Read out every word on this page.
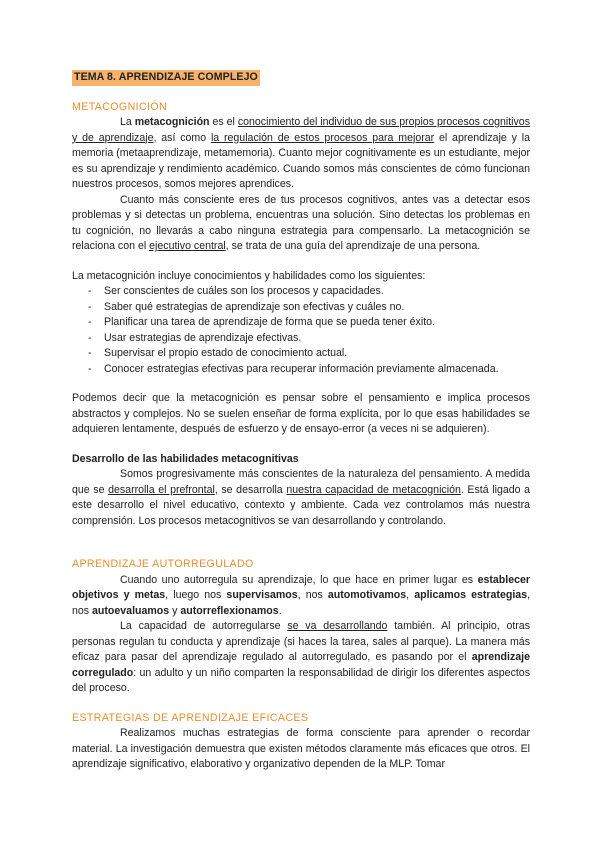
TEMA 8. APRENDIZAJE COMPLEJO
METACOGNICIÓN

La metacognición es el conocimiento del individuo de sus propios procesos cognitivos y de aprendizaje, así como la regulación de estos procesos para mejorar el aprendizaje y la memoria (metaaprendizaje, metamemoria). Cuanto mejor cognitivamente es un estudiante, mejor es su aprendizaje y rendimiento académico. Cuando somos más conscientes de cómo funcionan nuestros procesos, somos mejores aprendices.

Cuanto más consciente eres de tus procesos cognitivos, antes vas a detectar esos problemas y si detectas un problema, encuentras una solución. Sino detectas los problemas en tu cognición, no llevarás a cabo ninguna estrategia para compensarlo. La metacognición se relaciona con el ejecutivo central, se trata de una guía del aprendizaje de una persona.

La metacognición incluye conocimientos y habilidades como los siguientes:

- Ser conscientes de cuáles son los procesos y capacidades.
- Saber qué estrategias de aprendizaje son efectivas y cuáles no.
- Planificar una tarea de aprendizaje de forma que se pueda tener éxito.
- Usar estrategias de aprendizaje efectivas.
- Supervisar el propio estado de conocimiento actual.
- Conocer estrategias efectivas para recuperar información previamente almacenada.

Podemos decir que la metacognición es pensar sobre el pensamiento e implica procesos abstractos y complejos. No se suelen enseñar de forma explícita, por lo que esas habilidades se adquieren lentamente, después de esfuerzo y de ensayo-error (a veces ni se adquieren).

Desarrollo de las habilidades metacognitivas

Somos progresivamente más conscientes de la naturaleza del pensamiento. A medida que se desarrolla el prefrontal, se desarrolla nuestra capacidad de metacognición. Está ligado a este desarrollo el nivel educativo, contexto y ambiente. Cada vez controlamos más nuestra comprensión. Los procesos metacognitivos se van desarrollando y controlando.

APRENDIZAJE AUTORREGULADO

Cuando uno autorregula su aprendizaje, lo que hace en primer lugar es establecer objetivos y metas, luego nos supervisamos, nos automotivamos, aplicamos estrategias, nos autoevaluamos y autorreflexionamos.

La capacidad de autorregularse se va desarrollando también. Al principio, otras personas regulan tu conducta y aprendizaje (si haces la tarea, sales al parque). La manera más eficaz para pasar del aprendizaje regulado al autorregulado, es pasando por el aprendizaje corregulado: un adulto y un niño comparten la responsabilidad de dirigir los diferentes aspectos del proceso.

ESTRATEGIAS DE APRENDIZAJE EFICACES

Realizamos muchas estrategias de forma consciente para aprender o recordar material. La investigación demuestra que existen métodos claramente más eficaces que otros. El aprendizaje significativo, elaborativo y organizativo dependen de la MLP. Tomar
